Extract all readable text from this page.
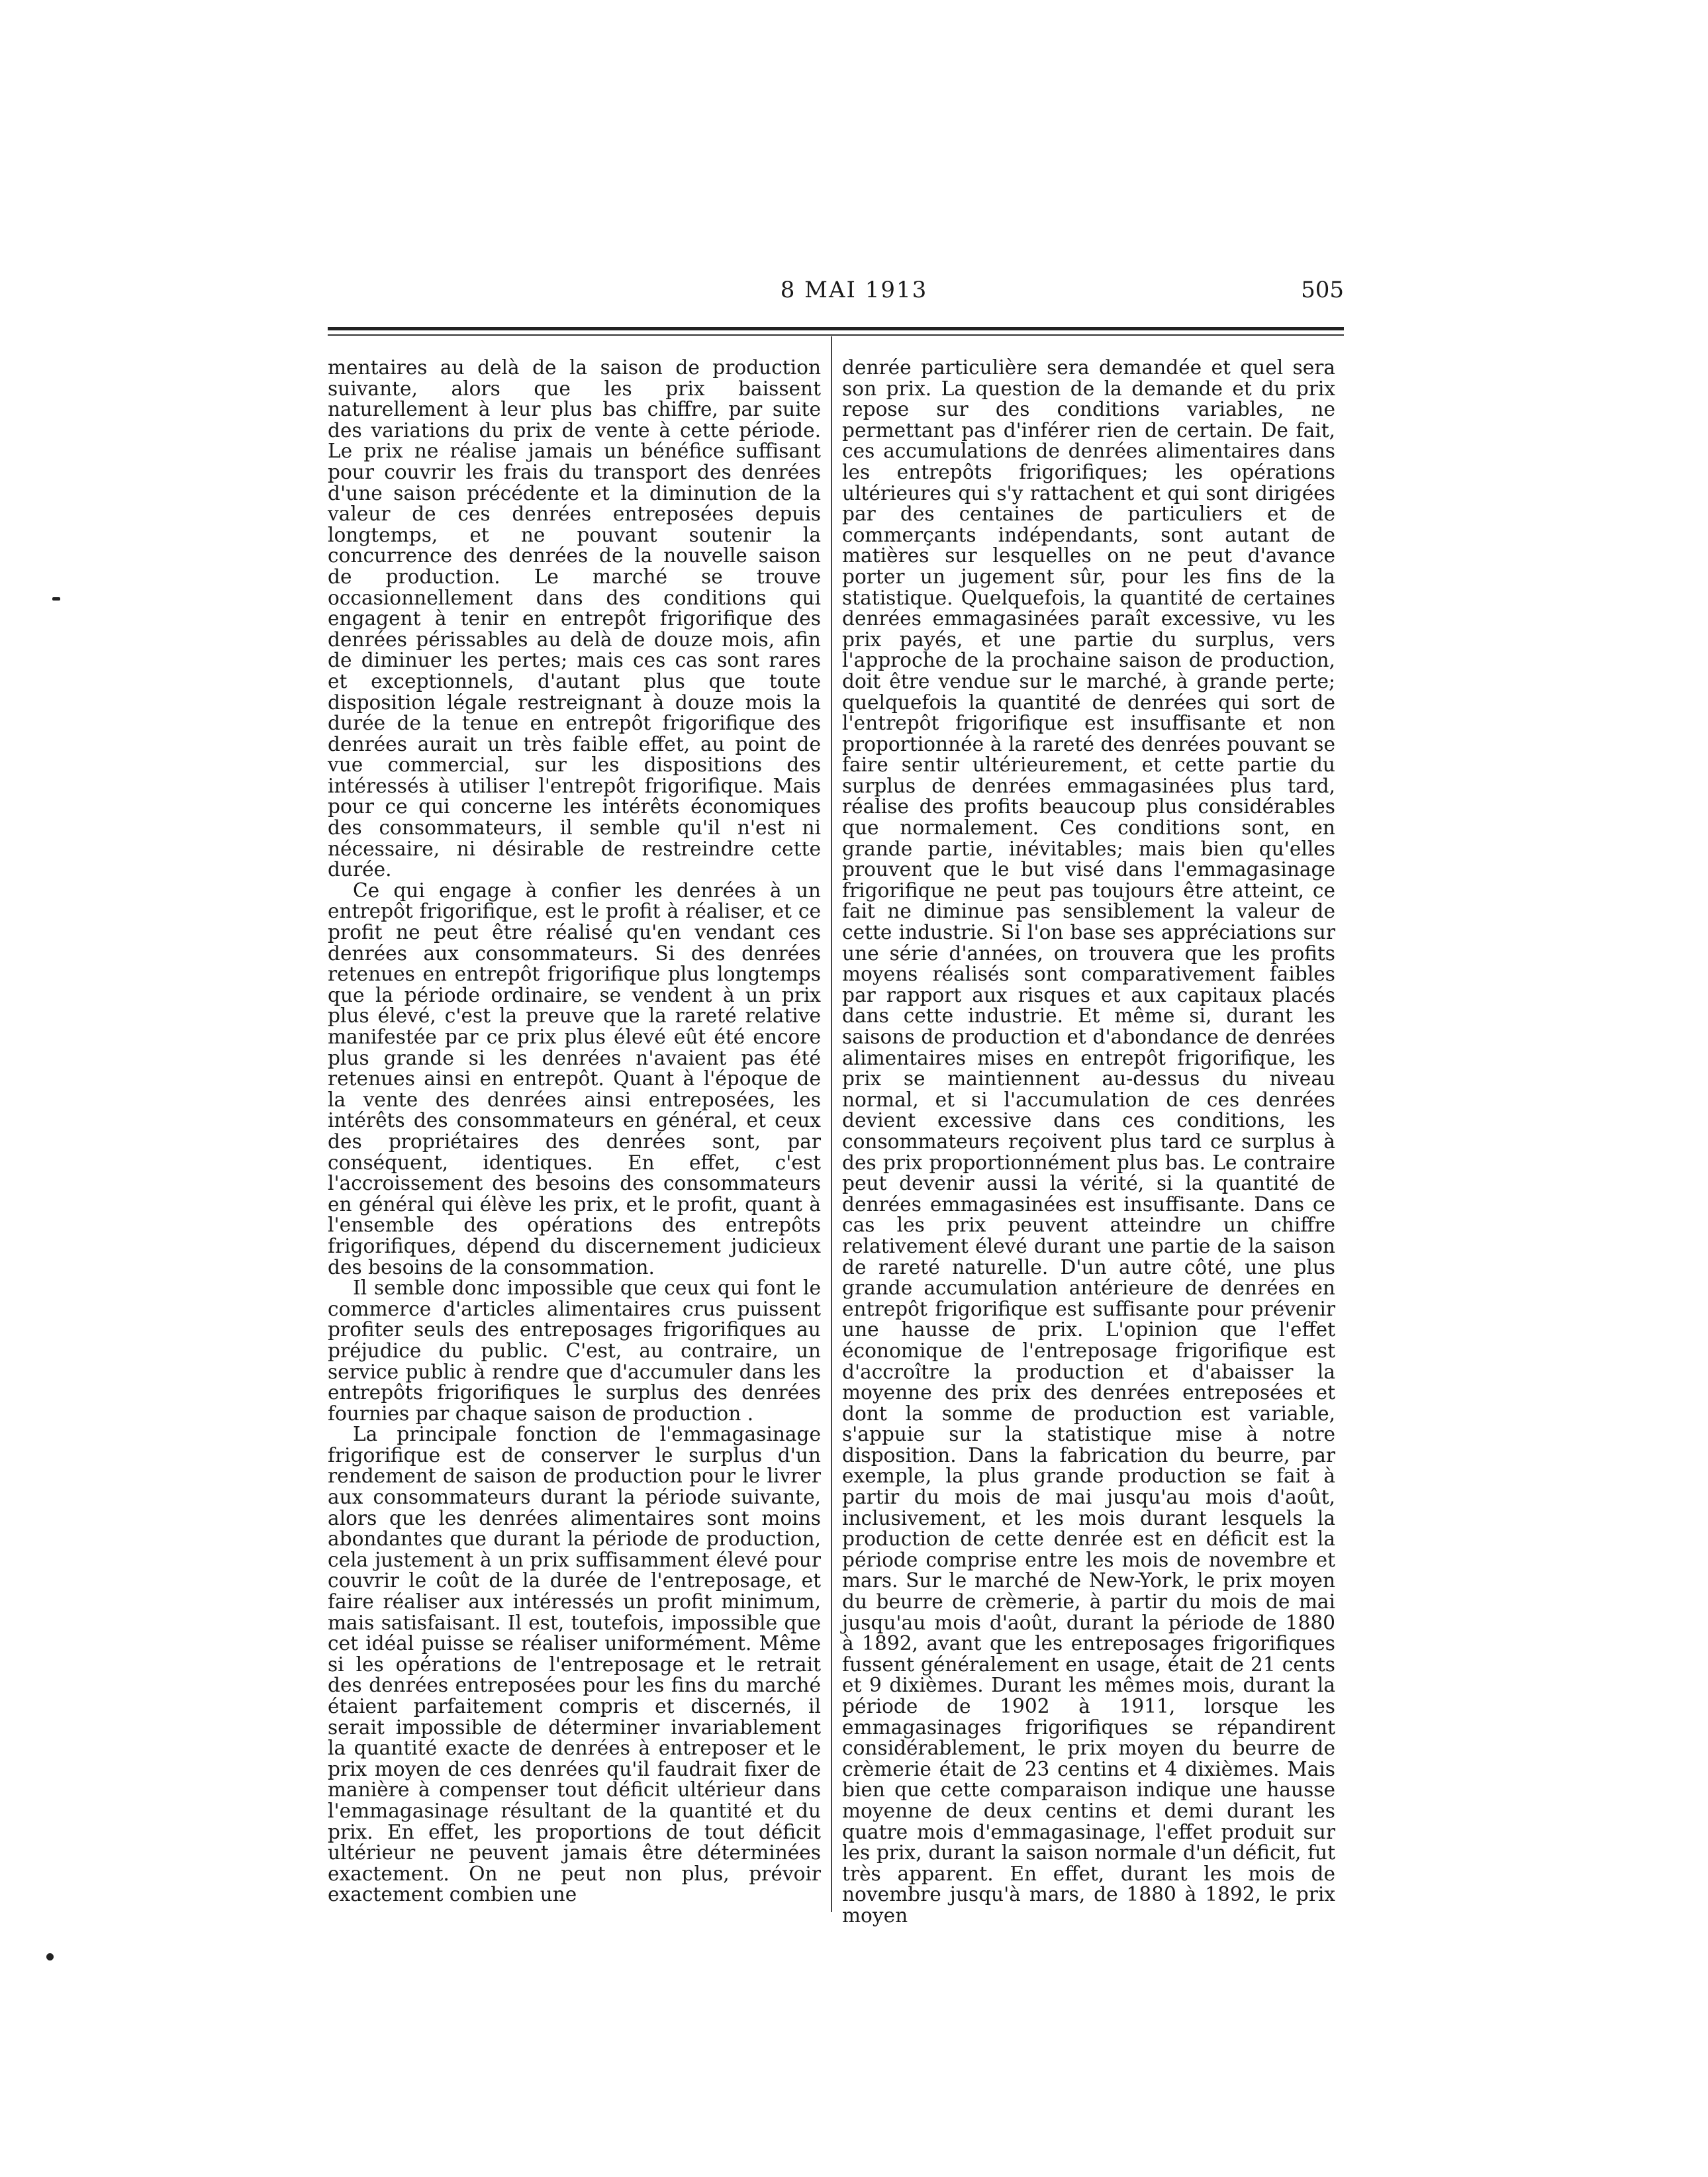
8 MAI 1913	505

mentaires au delà de la saison de production suivante, alors que les prix baissent naturellement à leur plus bas chiffre, par suite des variations du prix de vente à cette période. Le prix ne réalise jamais un bénéfice suffisant pour couvrir les frais du transport des denrées d'une saison précédente et la diminution de la valeur de ces denrées entreposées depuis longtemps, et ne pouvant soutenir la concurrence des denrées de la nouvelle saison de production. Le marché se trouve occasionnellement dans des conditions qui engagent à tenir en entrepôt frigorifique des denrées périssables au delà de douze mois, afin de diminuer les pertes; mais ces cas sont rares et exceptionnels, d'autant plus que toute disposition légale restreignant à douze mois la durée de la tenue en entrepôt frigorifique des denrées aurait un très faible effet, au point de vue commercial, sur les dispositions des intéressés à utiliser l'entrepôt frigorifique. Mais pour ce qui concerne les intérêts économiques des consommateurs, il semble qu'il n'est ni nécessaire, ni désirable de restreindre cette durée.

Ce qui engage à confier les denrées à un entrepôt frigorifique, est le profit à réaliser, et ce profit ne peut être réalisé qu'en vendant ces denrées aux consommateurs. Si des denrées retenues en entrepôt frigorifique plus longtemps que la période ordinaire, se vendent à un prix plus élevé, c'est la preuve que la rareté relative manifestée par ce prix plus élevé eût été encore plus grande si les denrées n'avaient pas été retenues ainsi en entrepôt. Quant à l'époque de la vente des denrées ainsi entreposées, les intérêts des consommateurs en général, et ceux des propriétaires des denrées sont, par conséquent, identiques. En effet, c'est l'accroissement des besoins des consommateurs en général qui élève les prix, et le profit, quant à l'ensemble des opérations des entrepôts frigorifiques, dépend du discernement judicieux des besoins de la consommation.

Il semble donc impossible que ceux qui font le commerce d'articles alimentaires crus puissent profiter seuls des entreposages frigorifiques au préjudice du public. C'est, au contraire, un service public à rendre que d'accumuler dans les entrepôts frigorifiques le surplus des denrées fournies par chaque saison de production .

La principale fonction de l'emmagasinage frigorifique est de conserver le surplus d'un rendement de saison de production pour le livrer aux consommateurs durant la période suivante, alors que les denrées alimentaires sont moins abondantes que durant la période de production, cela justement à un prix suffisamment élevé pour couvrir le coût de la durée de l'entreposage, et faire réaliser aux intéressés un profit minimum, mais satisfaisant. Il est, toutefois, impossible que cet idéal puisse se réaliser uniformément. Même si les opérations de l'entreposage et le retrait des denrées entreposées pour les fins du marché étaient parfaitement compris et discernés, il serait impossible de déterminer invariablement la quantité exacte de denrées à entreposer et le prix moyen de ces denrées qu'il faudrait fixer de manière à compenser tout déficit ultérieur dans l'emmagasinage résultant de la quantité et du prix. En effet, les proportions de tout déficit ultérieur ne peuvent jamais être déterminées exactement. On ne peut non plus, prévoir exactement combien une

denrée particulière sera demandée et quel sera son prix. La question de la demande et du prix repose sur des conditions variables, ne permettant pas d'inférer rien de certain. De fait, ces accumulations de denrées alimentaires dans les entrepôts frigorifiques; les opérations ultérieures qui s'y rattachent et qui sont dirigées par des centaines de particuliers et de commerçants indépendants, sont autant de matières sur lesquelles on ne peut d'avance porter un jugement sûr, pour les fins de la statistique. Quelquefois, la quantité de certaines denrées emmagasinées paraît excessive, vu les prix payés, et une partie du surplus, vers l'approche de la prochaine saison de production, doit être vendue sur le marché, à grande perte; quelquefois la quantité de denrées qui sort de l'entrepôt frigorifique est insuffisante et non proportionnée à la rareté des denrées pouvant se faire sentir ultérieurement, et cette partie du surplus de denrées emmagasinées plus tard, réalise des profits beaucoup plus considérables que normalement. Ces conditions sont, en grande partie, inévitables; mais bien qu'elles prouvent que le but visé dans l'emmagasinage frigorifique ne peut pas toujours être atteint, ce fait ne diminue pas sensiblement la valeur de cette industrie. Si l'on base ses appréciations sur une série d'années, on trouvera que les profits moyens réalisés sont comparativement faibles par rapport aux risques et aux capitaux placés dans cette industrie. Et même si, durant les saisons de production et d'abondance de denrées alimentaires mises en entrepôt frigorifique, les prix se maintiennent au-dessus du niveau normal, et si l'accumulation de ces denrées devient excessive dans ces conditions, les consommateurs reçoivent plus tard ce surplus à des prix proportionnément plus bas. Le contraire peut devenir aussi la vérité, si la quantité de denrées emmagasinées est insuffisante. Dans ce cas les prix peuvent atteindre un chiffre relativement élevé durant une partie de la saison de rareté naturelle. D'un autre côté, une plus grande accumulation antérieure de denrées en entrepôt frigorifique est suffisante pour prévenir une hausse de prix. L'opinion que l'effet économique de l'entreposage frigorifique est d'accroître la production et d'abaisser la moyenne des prix des denrées entreposées et dont la somme de production est variable, s'appuie sur la statistique mise à notre disposition. Dans la fabrication du beurre, par exemple, la plus grande production se fait à partir du mois de mai jusqu'au mois d'août, inclusivement, et les mois durant lesquels la production de cette denrée est en déficit est la période comprise entre les mois de novembre et mars. Sur le marché de New-York, le prix moyen du beurre de crèmerie, à partir du mois de mai jusqu'au mois d'août, durant la période de 1880 à 1892, avant que les entreposages frigorifiques fussent généralement en usage, était de 21 cents et 9 dixièmes. Durant les mêmes mois, durant la période de 1902 à 1911, lorsque les emmagasinages frigorifiques se répandirent considérablement, le prix moyen du beurre de crèmerie était de 23 centins et 4 dixièmes. Mais bien que cette comparaison indique une hausse moyenne de deux centins et demi durant les quatre mois d'emmagasinage, l'effet produit sur les prix, durant la saison normale d'un déficit, fut très apparent. En effet, durant les mois de novembre jusqu'à mars, de 1880 à 1892, le prix moyen
